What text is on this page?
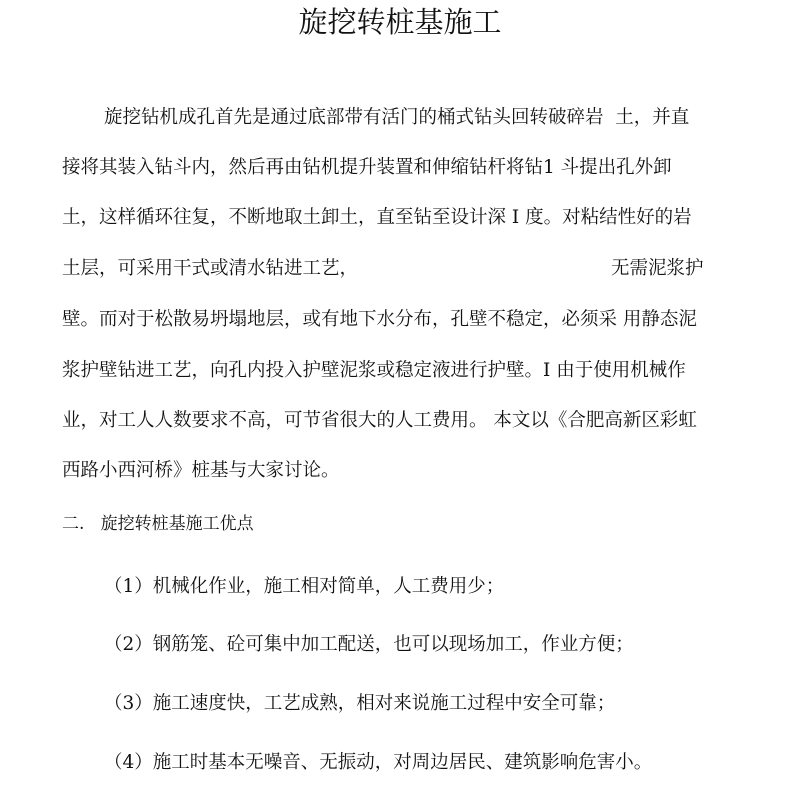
旋挖转桩基施工

旋挖钻机成孔首先是通过底部带有活门的桶式钻头回转破碎岩  土，并直

接将其装入钻斗内，然后再由钻机提升装置和伸缩钻杆将钻1 斗提出孔外卸

土，这样循环往复，不断地取土卸土，直至钻至设计深 I 度。对粘结性好的岩

土层，可采用干式或清水钻进工艺，	无需泥浆护

壁。而对于松散易坍塌地层，或有地下水分布，孔壁不稳定，必须采 用静态泥

浆护壁钻进工艺，向孔内投入护壁泥浆或稳定液进行护壁。I 由于使用机械作

业，对工人人数要求不高，可节省很大的人工费用。 本文以《合肥高新区彩虹

西路小西河桥》桩基与大家讨论。

二.   旋挖转桩基施工优点
（1）机械化作业，施工相对简单，人工费用少；
（2）钢筋笼、砼可集中加工配送，也可以现场加工，作业方便；
（3）施工速度快，工艺成熟，相对来说施工过程中安全可靠；
（4）施工时基本无噪音、无振动，对周边居民、建筑影响危害小。
